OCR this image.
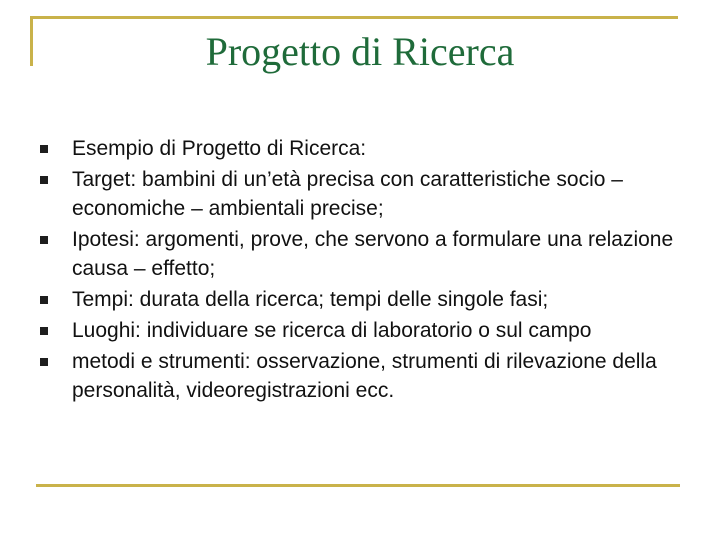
Progetto di Ricerca
Esempio di Progetto di Ricerca:
Target: bambini di un’età precisa con caratteristiche socio – economiche – ambientali precise;
Ipotesi: argomenti, prove, che servono a formulare una relazione causa – effetto;
Tempi: durata della ricerca; tempi delle singole fasi;
Luoghi: individuare se ricerca di laboratorio o sul campo
metodi e strumenti: osservazione, strumenti di rilevazione della personalità, videoregistrazioni ecc.
